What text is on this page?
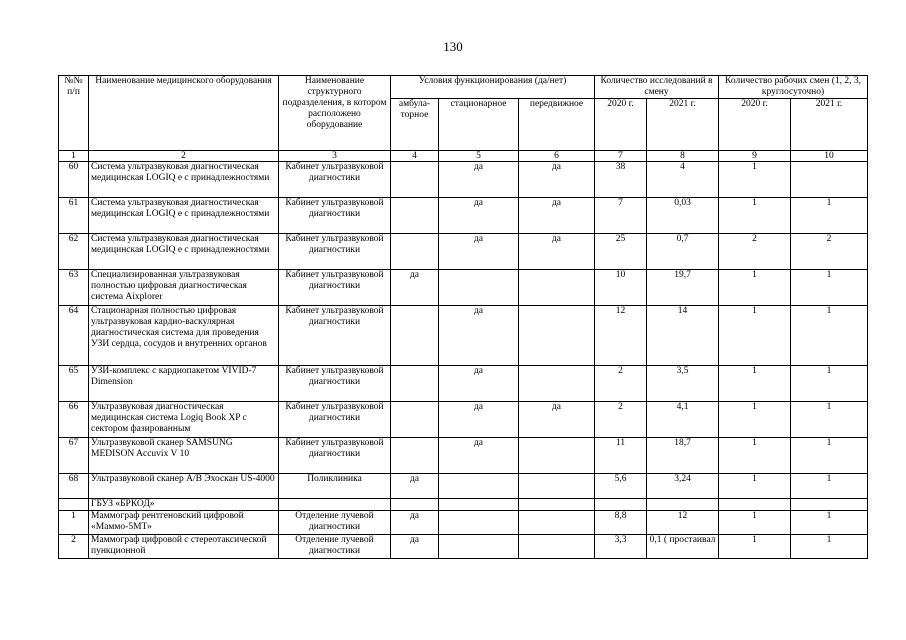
130
№№ п/п	Наименование медицинского оборудования	Наименование структурного подразделения, в котором расположено оборудование	Условия функционирования (да/нет)			Количество исследований в смену		Количество рабочих смен (1, 2, 3, круглосуточно)	
			амбула- торное	стационарное	передвижное	2020 г.	2021 г.	2020 г.	2021 г.
1	2	3	4	5	6	7	8	9	10
60	Система ультразвуковая диагностическая медицинская LOGIQ е с принадлежностями	Кабинет ультразвуковой диагностики		да	да	38	4	1	
61	Система ультразвуковая диагностическая медицинская LOGIQ е с принадлежностями	Кабинет ультразвуковой диагностики		да	да	7	0,03	1	1
62	Система ультразвуковая диагностическая медицинская LOGIQ е с принадлежностями	Кабинет ультразвуковой диагностики		да	да	25	0,7	2	2
63	Специализированная ультразвуковая полностью цифровая диагностическая система Aixplorer	Кабинет ультразвуковой диагностики	да			10	19,7	1	1
64	Стационарная полностью цифровая ультразвуковая кардио-васкулярная диагностическая система для проведения УЗИ сердца, сосудов и внутренних органов	Кабинет ультразвуковой диагностики		да		12	14	1	1
65	УЗИ-комплекс с кардиопакетом VIVID-7 Dimension	Кабинет ультразвуковой диагностики		да		2	3,5	1	1
66	Ультразвуковая диагностическая медицинская система Logiq Book XP с сектором фазированным	Кабинет ультразвуковой диагностики		да	да	2	4,1	1	1
67	Ультразвуковой сканер SAMSUNG MEDISON Accuvix V 10	Кабинет ультразвуковой диагностики		да		11	18,7	1	1
68	Ультразвуковой сканер А/В Эхоскан US-4000	Поликлиника	да			5,6	3,24	1	1
	ГБУЗ «БРКОД»								
1	Маммограф рентгеновский цифровой «Маммо-5МТ»	Отделение лучевой диагностики	да			8,8	12	1	1
2	Маммограф цифровой с стереотаксической пункционной	Отделение лучевой диагностики	да			3,3	0,1 ( простаивал	1	1
